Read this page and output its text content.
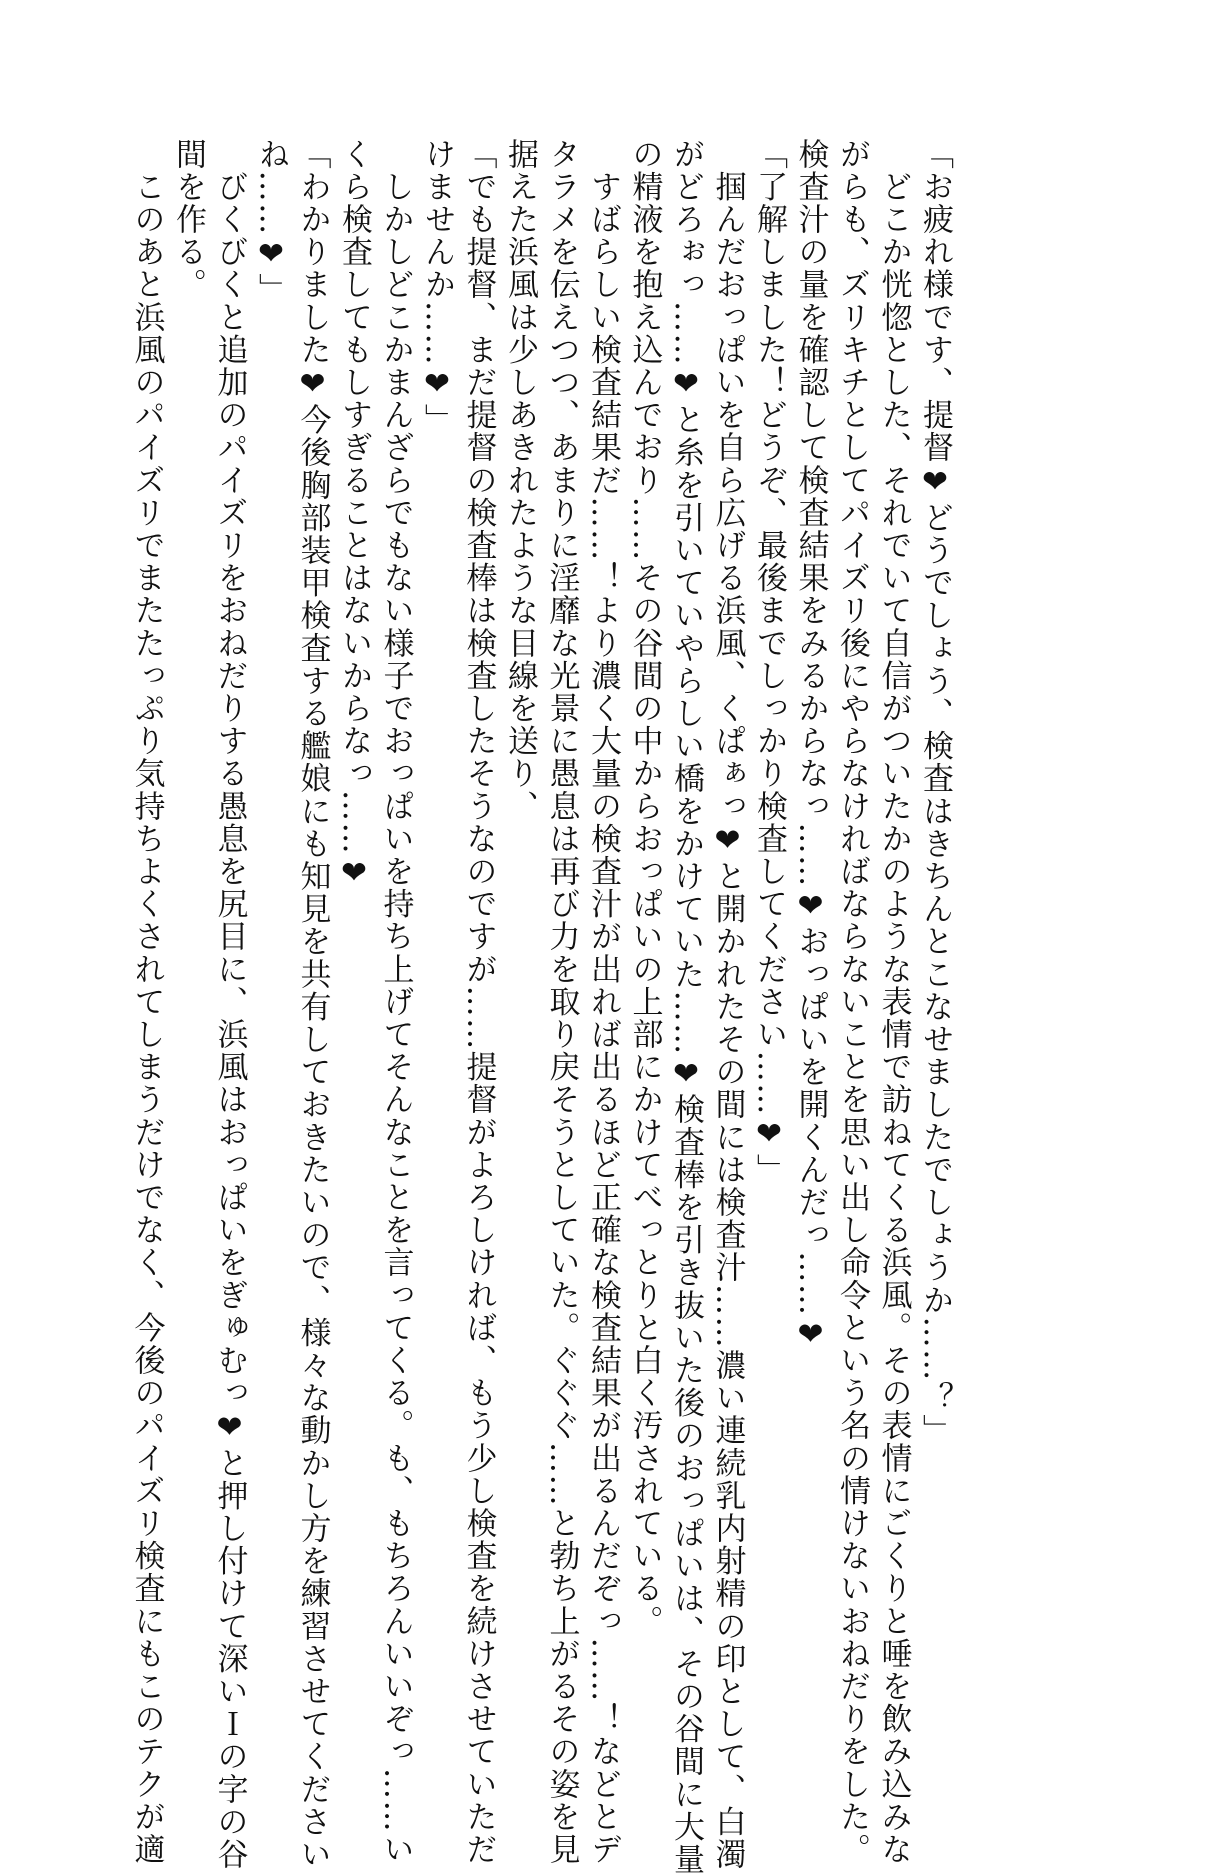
「お疲れ様です、提督❤どうでしょう、検査はきちんとこなせましたでしょうか……？」

　どこか恍惚とした、それでいて自信がついたかのような表情で訪ねてくる浜風。その表情にごくりと唾を飲み込みな

がらも、ズリキチとしてパイズリ後にやらなければならないことを思い出し命令という名の情けないおねだりをした。

検査汁の量を確認して検査結果をみるからなっ……❤おっぱいを開くんだっ……❤

「了解しました！どうぞ、最後までしっかり検査してください……❤」

　掴んだおっぱいを自ら広げる浜風、くぱぁっ❤と開かれたその間には検査汁……濃い連続乳内射精の印として、白濁

がどろぉっ……❤と糸を引いていやらしい橋をかけていた……❤検査棒を引き抜いた後のおっぱいは、その谷間に大量

の精液を抱え込んでおり……その谷間の中からおっぱいの上部にかけてべっとりと白く汚されている。

　すばらしい検査結果だ……！より濃く大量の検査汁が出れば出るほど正確な検査結果が出るんだぞっ……！などとデ

タラメを伝えつつ、あまりに淫靡な光景に愚息は再び力を取り戻そうとしていた。ぐぐぐ……と勃ち上がるその姿を見

据えた浜風は少しあきれたような目線を送り、

「でも提督、まだ提督の検査棒は検査したそうなのですが……提督がよろしければ、もう少し検査を続けさせていただ

けませんか……❤」

　しかしどこかまんざらでもない様子でおっぱいを持ち上げてそんなことを言ってくる。も、もちろんいいぞっ……い

くら検査してもしすぎることはないからなっ……❤

「わかりました❤今後胸部装甲検査する艦娘にも知見を共有しておきたいので、様々な動かし方を練習させてください

ね……❤」

　びくびくと追加のパイズリをおねだりする愚息を尻目に、浜風はおっぱいをぎゅむっ❤と押し付けて深いＩの字の谷

間を作る。

　このあと浜風のパイズリでまたたっぷり気持ちよくされてしまうだけでなく、今後のパイズリ検査にもこのテクが適
